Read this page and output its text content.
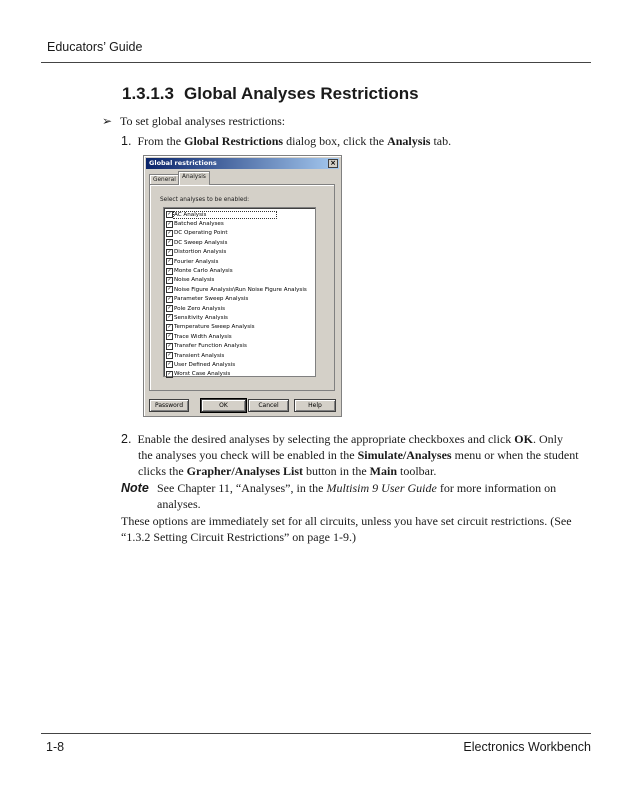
Educators’ Guide
1.3.1.3 Global Analyses Restrictions
➢ To set global analyses restrictions:
1. From the Global Restrictions dialog box, click the Analysis tab.
Global restrictions	×
General	Analysis
Select analyses to be enabled:
✓ AC Analysis
✓ Batched Analyses
✓ DC Operating Point
✓ DC Sweep Analysis
✓ Distortion Analysis
✓ Fourier Analysis
✓ Monte Carlo Analysis
✓ Noise Analysis
✓ Noise Figure Analysis\Run Noise Figure Analysis
✓ Parameter Sweep Analysis
✓ Pole Zero Analysis
✓ Sensitivity Analysis
✓ Temperature Sweep Analysis
✓ Trace Width Analysis
✓ Transfer Function Analysis
✓ Transient Analysis
✓ User Defined Analysis
✓ Worst Case Analysis
Password	OK	Cancel	Help
2. Enable the desired analyses by selecting the appropriate checkboxes and click OK. Only
the analyses you check will be enabled in the Simulate/Analyses menu or when the student
clicks the Grapher/Analyses List button in the Main toolbar.
Note See Chapter 11, “Analyses”, in the Multisim 9 User Guide for more information on
analyses.
These options are immediately set for all circuits, unless you have set circuit restrictions. (See
“1.3.2 Setting Circuit Restrictions” on page 1-9.)
1-8	Electronics Workbench
